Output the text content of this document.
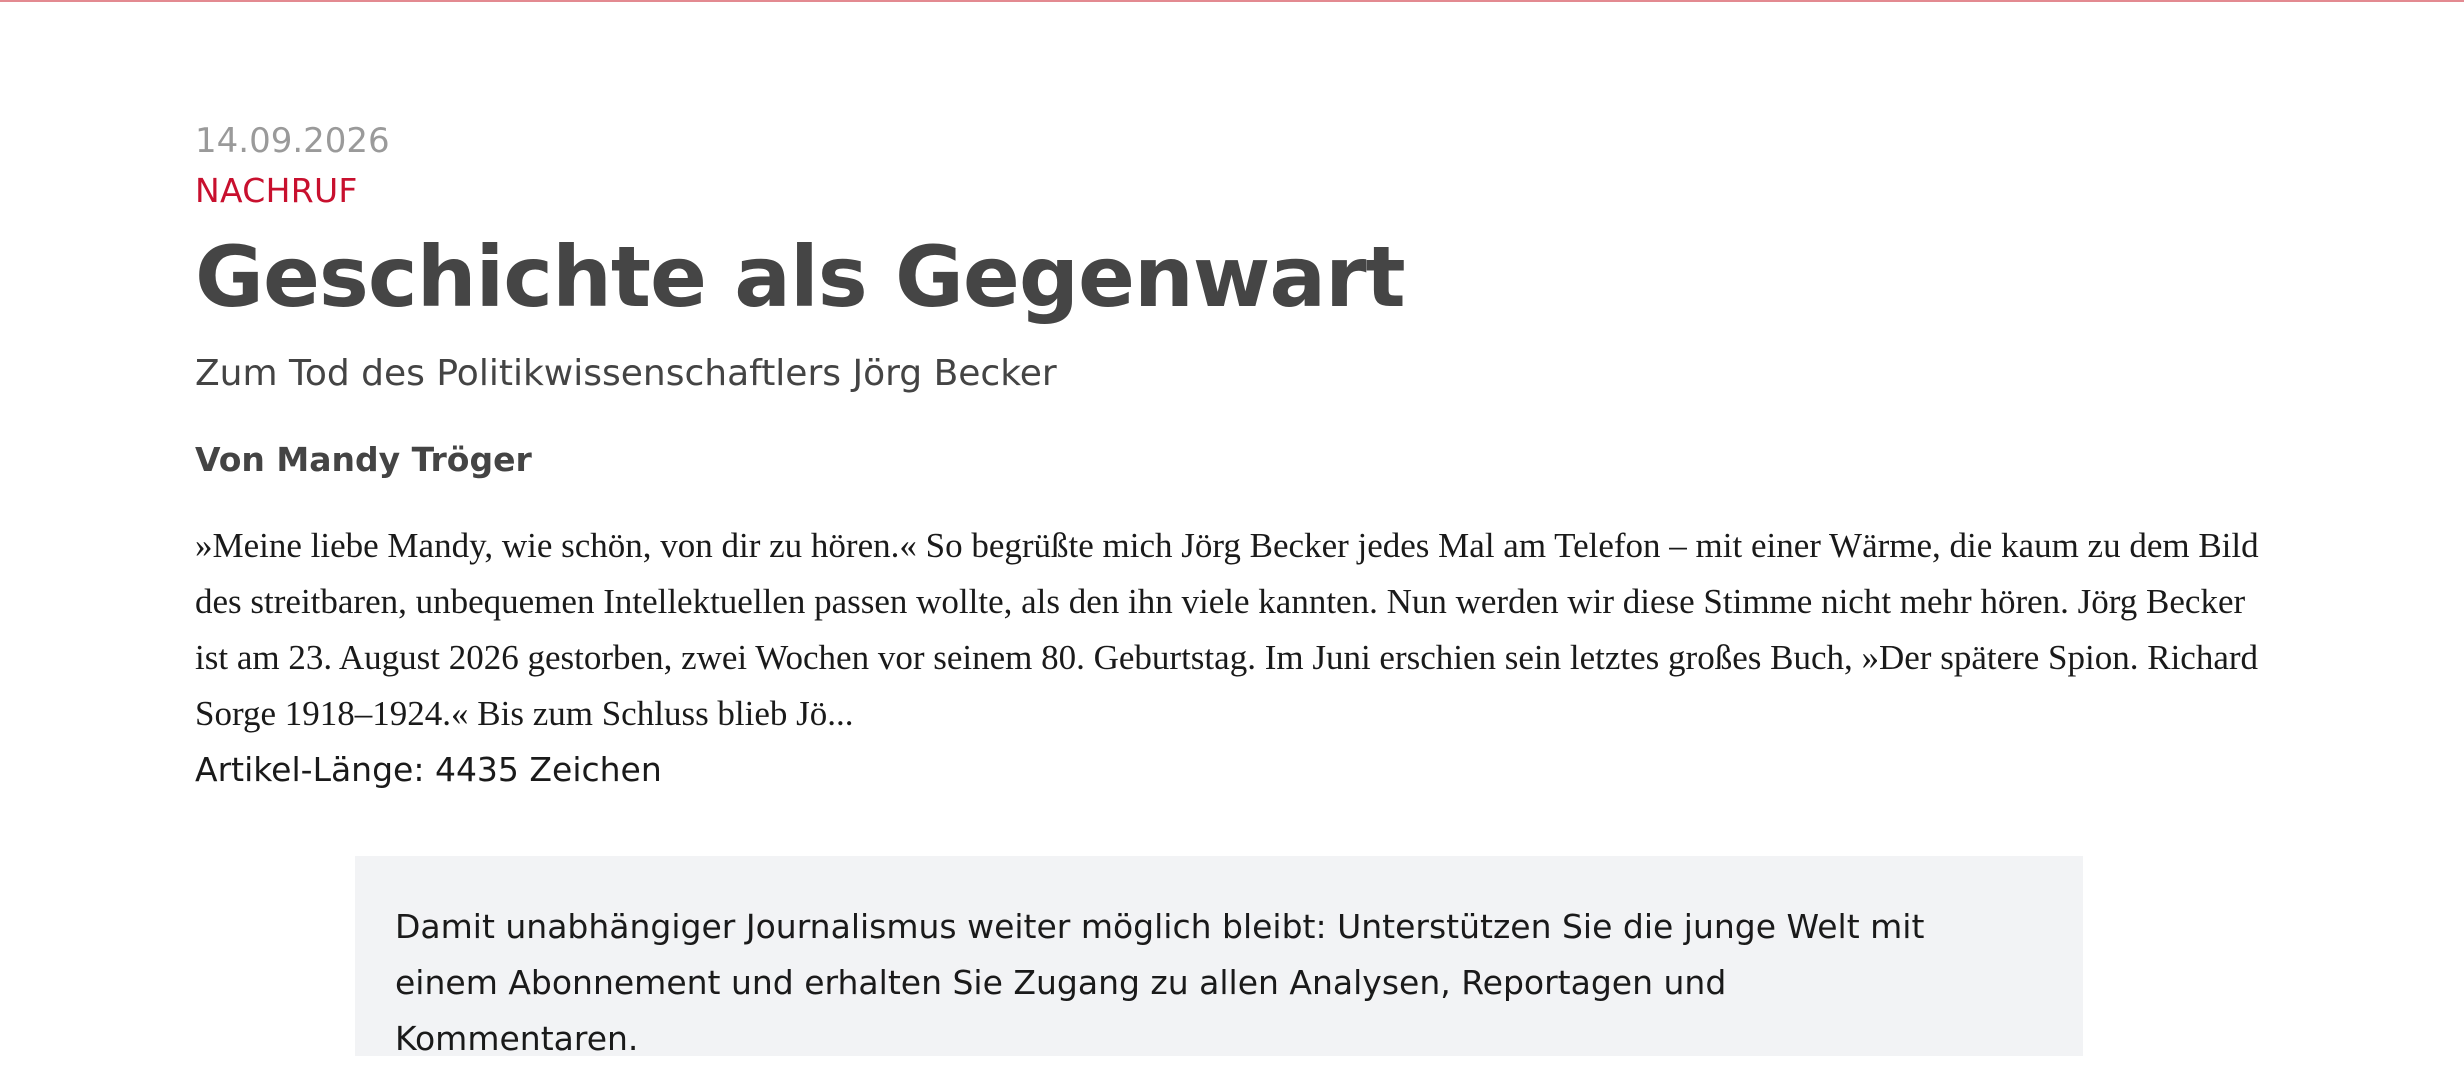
14.09.2026

NACHRUF

Geschichte als Gegenwart

Zum Tod des Politikwissenschaftlers Jörg Becker

Von Mandy Tröger

»Meine liebe Mandy, wie schön, von dir zu hören.« So begrüßte mich Jörg Becker jedes Mal am Telefon – mit einer Wärme, die kaum zu dem Bild des streitbaren, unbequemen Intellektuellen passen wollte, als den ihn viele kannten. Nun werden wir diese Stimme nicht mehr hören. Jörg Becker ist am 23. August 2026 gestorben, zwei Wochen vor seinem 80. Geburtstag. Im Juni erschien sein letztes großes Buch, »Der spätere Spion. Richard Sorge 1918–1924.« Bis zum Schluss blieb Jö...

Artikel-Länge: 4435 Zeichen

Damit unabhängiger Journalismus weiter möglich bleibt: Unterstützen Sie die junge Welt mit einem Abonnement und erhalten Sie Zugang zu allen Analysen, Reportagen und Kommentaren.
